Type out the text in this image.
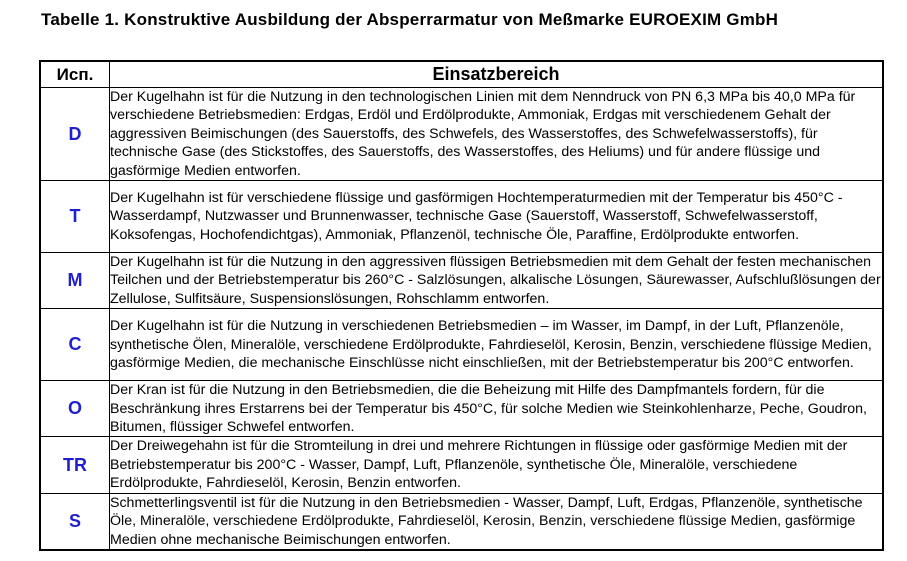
Tabelle 1. Konstruktive Ausbildung der Absperrarmatur von Meßmarke EUROEXIM GmbH
Исп.	Einsatzbereich
D	Der Kugelhahn ist für die Nutzung in den technologischen Linien mit dem Nenndruck von PN 6,3 MPa bis 40,0 MPa für verschiedene Betriebsmedien: Erdgas, Erdöl und Erdölprodukte, Ammoniak, Erdgas mit verschiedenem Gehalt der aggressiven Beimischungen (des Sauerstoffs, des Schwefels, des Wasserstoffes, des Schwefelwasserstoffs), für technische Gase (des Stickstoffes, des Sauerstoffs, des Wasserstoffes, des Heliums) und für andere flüssige und gasförmige Medien entworfen.
T	Der Kugelhahn ist für verschiedene flüssige und gasförmigen Hochtemperaturmedien mit der Temperatur bis 450°C - Wasserdampf, Nutzwasser und Brunnenwasser, technische Gase (Sauerstoff, Wasserstoff, Schwefelwasserstoff, Koksofengas, Hochofendichtgas), Ammoniak, Pflanzenöl, technische Öle, Paraffine, Erdölprodukte entworfen.
M	Der Kugelhahn ist für die Nutzung in den aggressiven flüssigen Betriebsmedien mit dem Gehalt der festen mechanischen Teilchen und der Betriebstemperatur bis 260°C - Salzlösungen, alkalische Lösungen, Säurewasser, Aufschlußlösungen der Zellulose, Sulfitsäure, Suspensionslösungen, Rohschlamm entworfen.
C	Der Kugelhahn ist für die Nutzung in verschiedenen Betriebsmedien – im Wasser, im Dampf, in der Luft, Pflanzenöle, synthetische Ölen, Mineralöle, verschiedene Erdölprodukte, Fahrdieselöl, Kerosin, Benzin, verschiedene flüssige Medien, gasförmige Medien, die mechanische Einschlüsse nicht einschließen, mit der Betriebstemperatur bis 200°C entworfen.
O	Der Kran ist für die Nutzung in den Betriebsmedien, die die Beheizung mit Hilfe des Dampfmantels fordern, für die Beschränkung ihres Erstarrens bei der Temperatur bis 450°C, für solche Medien wie Steinkohlenharze, Peche, Goudron, Bitumen, flüssiger Schwefel entworfen.
TR	Der Dreiwegehahn ist für die Stromteilung in drei und mehrere Richtungen in flüssige oder gasförmige Medien mit der Betriebstemperatur bis 200°C - Wasser, Dampf, Luft, Pflanzenöle, synthetische Öle, Mineralöle, verschiedene Erdölprodukte, Fahrdieselöl, Kerosin, Benzin entworfen.
S	Schmetterlingsventil ist für die Nutzung in den Betriebsmedien - Wasser, Dampf, Luft, Erdgas, Pflanzenöle, synthetische Öle, Mineralöle, verschiedene Erdölprodukte, Fahrdieselöl, Kerosin, Benzin, verschiedene flüssige Medien, gasförmige Medien ohne mechanische Beimischungen entworfen.
